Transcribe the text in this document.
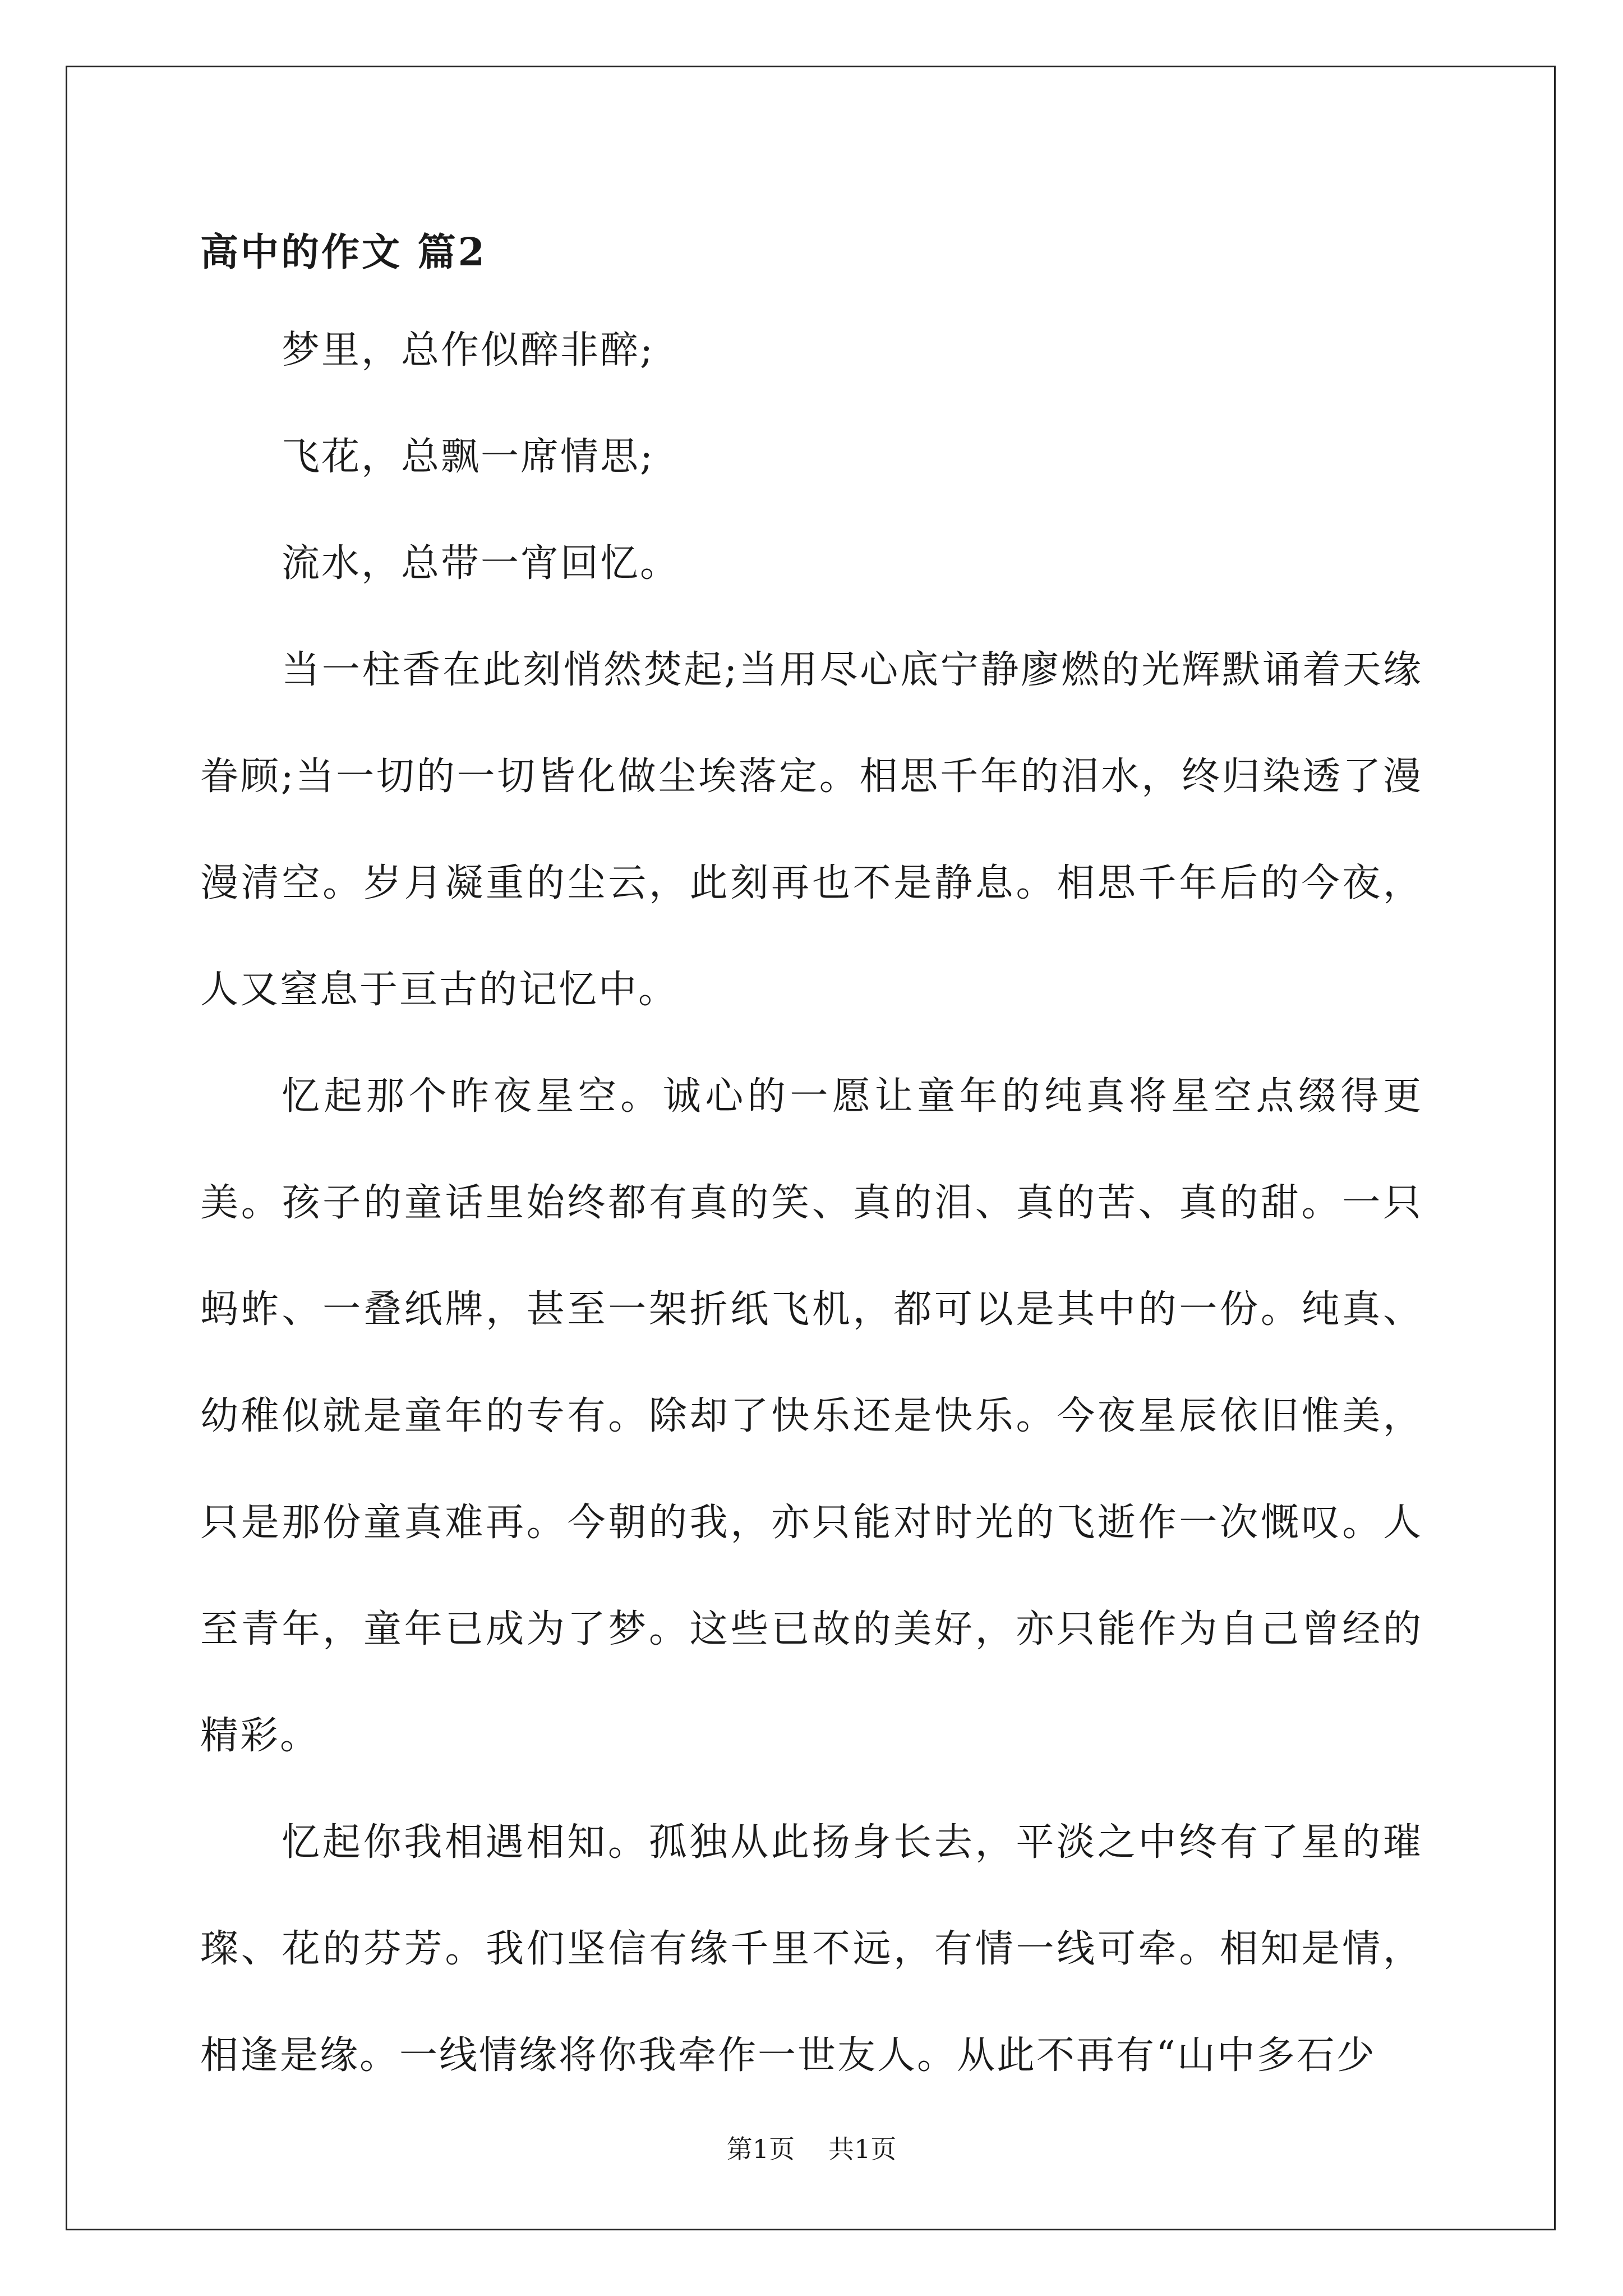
高中的作文 篇2

梦里，总作似醉非醉;

飞花，总飘一席情思;

流水，总带一宵回忆。

当一柱香在此刻悄然焚起;当用尽心底宁静廖燃的光辉默诵着天缘眷顾;当一切的一切皆化做尘埃落定。相思千年的泪水，终归染透了漫漫清空。岁月凝重的尘云，此刻再也不是静息。相思千年后的今夜，人又窒息于亘古的记忆中。

忆起那个昨夜星空。诚心的一愿让童年的纯真将星空点缀得更美。孩子的童话里始终都有真的笑、真的泪、真的苦、真的甜。一只蚂蚱、一叠纸牌，甚至一架折纸飞机，都可以是其中的一份。纯真、幼稚似就是童年的专有。除却了快乐还是快乐。今夜星辰依旧惟美，只是那份童真难再。今朝的我，亦只能对时光的飞逝作一次慨叹。人至青年，童年已成为了梦。这些已故的美好，亦只能作为自己曾经的精彩。

忆起你我相遇相知。孤独从此扬身长去，平淡之中终有了星的璀璨、花的芬芳。我们坚信有缘千里不远，有情一线可牵。相知是情，相逢是缘。一线情缘将你我牵作一世友人。从此不再有“山中多石少

第1页 共1页
